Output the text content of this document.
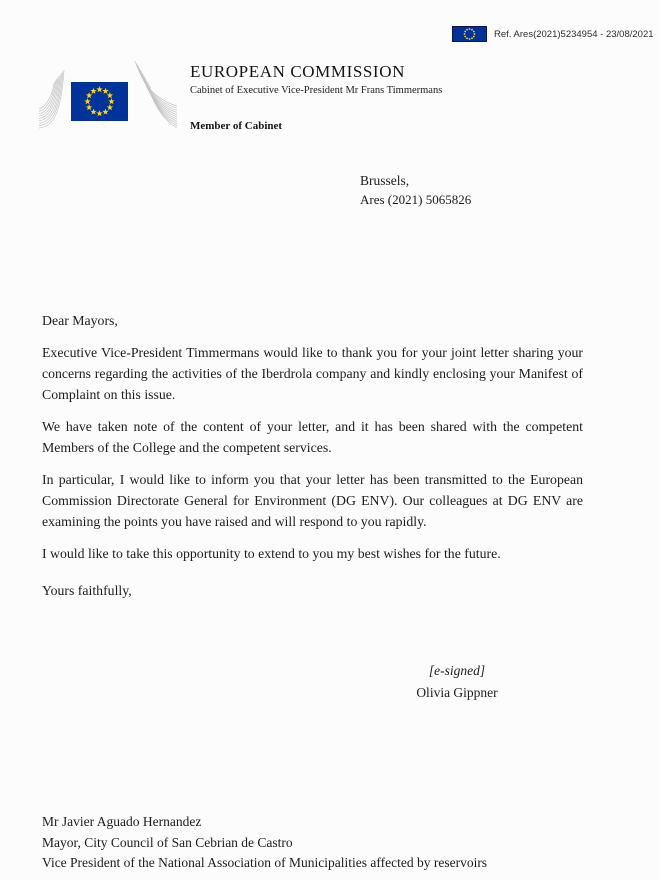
Ref. Ares(2021)5234954 - 23/08/2021
EUROPEAN COMMISSION
Cabinet of Executive Vice-President Mr Frans Timmermans
Member of Cabinet
Brussels,
Ares (2021) 5065826

Dear Mayors,

Executive Vice-President Timmermans would like to thank you for your joint letter sharing your concerns regarding the activities of the Iberdrola company and kindly enclosing your Manifest of Complaint on this issue.

We have taken note of the content of your letter, and it has been shared with the competent Members of the College and the competent services.

In particular, I would like to inform you that your letter has been transmitted to the European Commission Directorate General for Environment (DG ENV). Our colleagues at DG ENV are examining the points you have raised and will respond to you rapidly.

I would like to take this opportunity to extend to you my best wishes for the future.

Yours faithfully,

[e-signed]
Olivia Gippner
Mr Javier Aguado Hernandez
Mayor, City Council of San Cebrian de Castro
Vice President of the National Association of Municipalities affected by reservoirs
